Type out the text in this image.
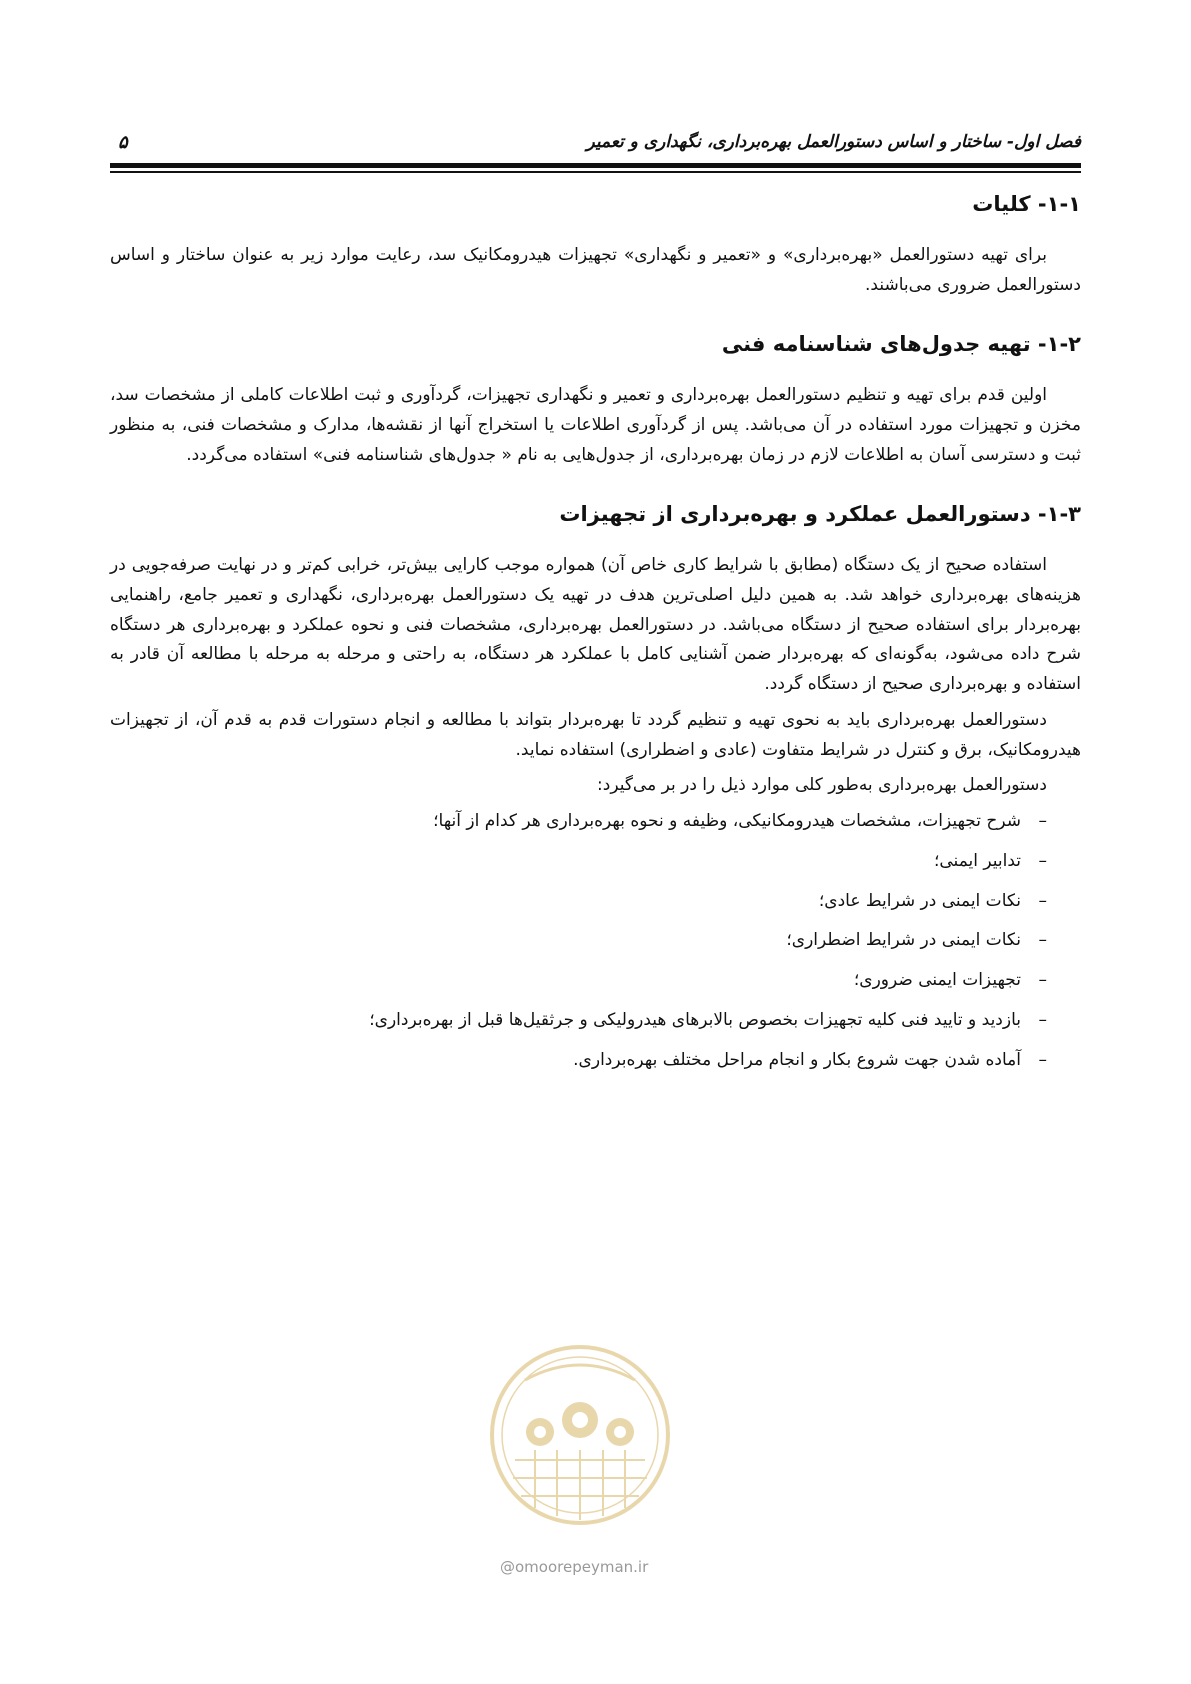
فصل اول- ساختار و اساس دستورالعمل بهره‌برداری، نگهداری و تعمیر
۵
۱-۱- کلیات

برای تهیه دستورالعمل «بهره‌برداری» و «تعمیر و نگهداری» تجهیزات هیدرومکانیک سد، رعایت موارد زیر به عنوان ساختار و اساس دستورالعمل ضروری می‌باشند.

۱-۲- تهیه جدول‌های شناسنامه فنی

اولین قدم برای تهیه و تنظیم دستورالعمل بهره‌برداری و تعمیر و نگهداری تجهیزات، گردآوری و ثبت اطلاعات کاملی از مشخصات سد، مخزن و تجهیزات مورد استفاده در آن می‌باشد. پس از گردآوری اطلاعات یا استخراج آنها از نقشه‌ها، مدارک و مشخصات فنی، به منظور ثبت و دسترسی آسان به اطلاعات لازم در زمان بهره‌برداری، از جدول‌هایی به نام « جدول‌های شناسنامه فنی» استفاده می‌گردد.

۱-۳- دستورالعمل عملکرد و بهره‌برداری از تجهیزات

استفاده صحیح از یک دستگاه (مطابق با شرایط کاری خاص آن) همواره موجب کارایی بیش‌تر، خرابی کم‌تر و در نهایت صرفه‌جویی در هزینه‌های بهره‌برداری خواهد شد. به همین دلیل اصلی‌ترین هدف در تهیه یک دستورالعمل بهره‌برداری، نگهداری و تعمیر جامع، راهنمایی بهره‌بردار برای استفاده صحیح از دستگاه می‌باشد. در دستورالعمل بهره‌برداری، مشخصات فنی و نحوه عملکرد و بهره‌برداری هر دستگاه شرح داده می‌شود، به‌گونه‌ای که بهره‌بردار ضمن آشنایی کامل با عملکرد هر دستگاه، به راحتی و مرحله به مرحله با مطالعه آن قادر به استفاده و بهره‌برداری صحیح از دستگاه گردد.

دستورالعمل بهره‌برداری باید به نحوی تهیه و تنظیم گردد تا بهره‌بردار بتواند با مطالعه و انجام دستورات قدم به قدم آن، از تجهیزات هیدرومکانیک، برق و کنترل در شرایط متفاوت (عادی و اضطراری) استفاده نماید.

دستورالعمل بهره‌برداری به‌طور کلی موارد ذیل را در بر می‌گیرد:

–شرح تجهیزات، مشخصات هیدرومکانیکی، وظیفه و نحوه بهره‌برداری هر کدام از آنها؛
–تدابیر ایمنی؛
–نکات ایمنی در شرایط عادی؛
–نکات ایمنی در شرایط اضطراری؛
–تجهیزات ایمنی ضروری؛
–بازدید و تایید فنی کلیه تجهیزات بخصوص بالابرهای هیدرولیکی و جرثقیل‌ها قبل از بهره‌برداری؛
–آماده شدن جهت شروع بکار و انجام مراحل مختلف بهره‌برداری.
@omoorepeyman.ir
